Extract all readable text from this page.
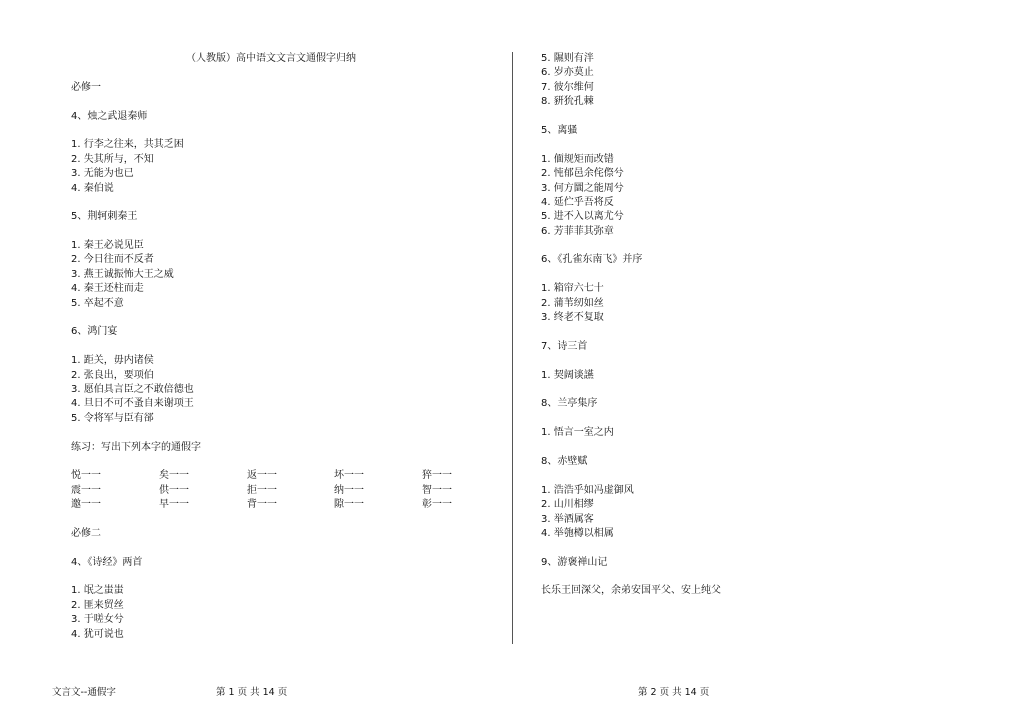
（人教版）高中语文文言文通假字归纳
必修一
4、烛之武退秦师
1. 行李之往来，共其乏困
2. 失其所与，不知
3. 无能为也已
4. 秦伯说
5、荆轲刺秦王
1. 秦王必说见臣
2. 今日往而不反者
3. 燕王诚振怖大王之威
4. 秦王还柱而走
5. 卒起不意
6、鸿门宴
1. 距关，毋内诸侯
2. 张良出，要项伯
3. 愿伯具言臣之不敢倍德也
4. 旦日不可不蚤自来谢项王
5. 令将军与臣有郤
练习：写出下列本字的通假字
悦一一	矣一一	返一一	坏一一	猝一一
震一一	供一一	拒一一	纳一一	智一一
邀一一	早一一	背一一	隙一一	彰一一
必修二
4、《诗经》两首
1. 氓之蚩蚩
2. 匪来贸丝
3. 于嗟女兮
4. 犹可说也
5. 隰则有泮
6. 岁亦莫止
7. 彼尔维何
8. 豣狁孔棘
5、离骚
1. 偭规矩而改错
2. 忳郁邑余侘傺兮
3. 何方圜之能周兮
4. 延伫乎吾将反
5. 进不入以离尤兮
6. 芳菲菲其弥章
6、《孔雀东南飞》并序
1. 箱帘六七十
2. 蒲苇纫如丝
3. 终老不复取
7、诗三首
1. 契阔谈讌
8、兰亭集序
1. 悟言一室之内
8、赤壁赋
1. 浩浩乎如冯虚御风
2. 山川相缪
3. 举酒属客
4. 举匏樽以相属
9、游褒禅山记
长乐王回深父，余弟安国平父、安上纯父
文言文--通假字	第 1 页 共 14 页	第 2 页 共 14 页
